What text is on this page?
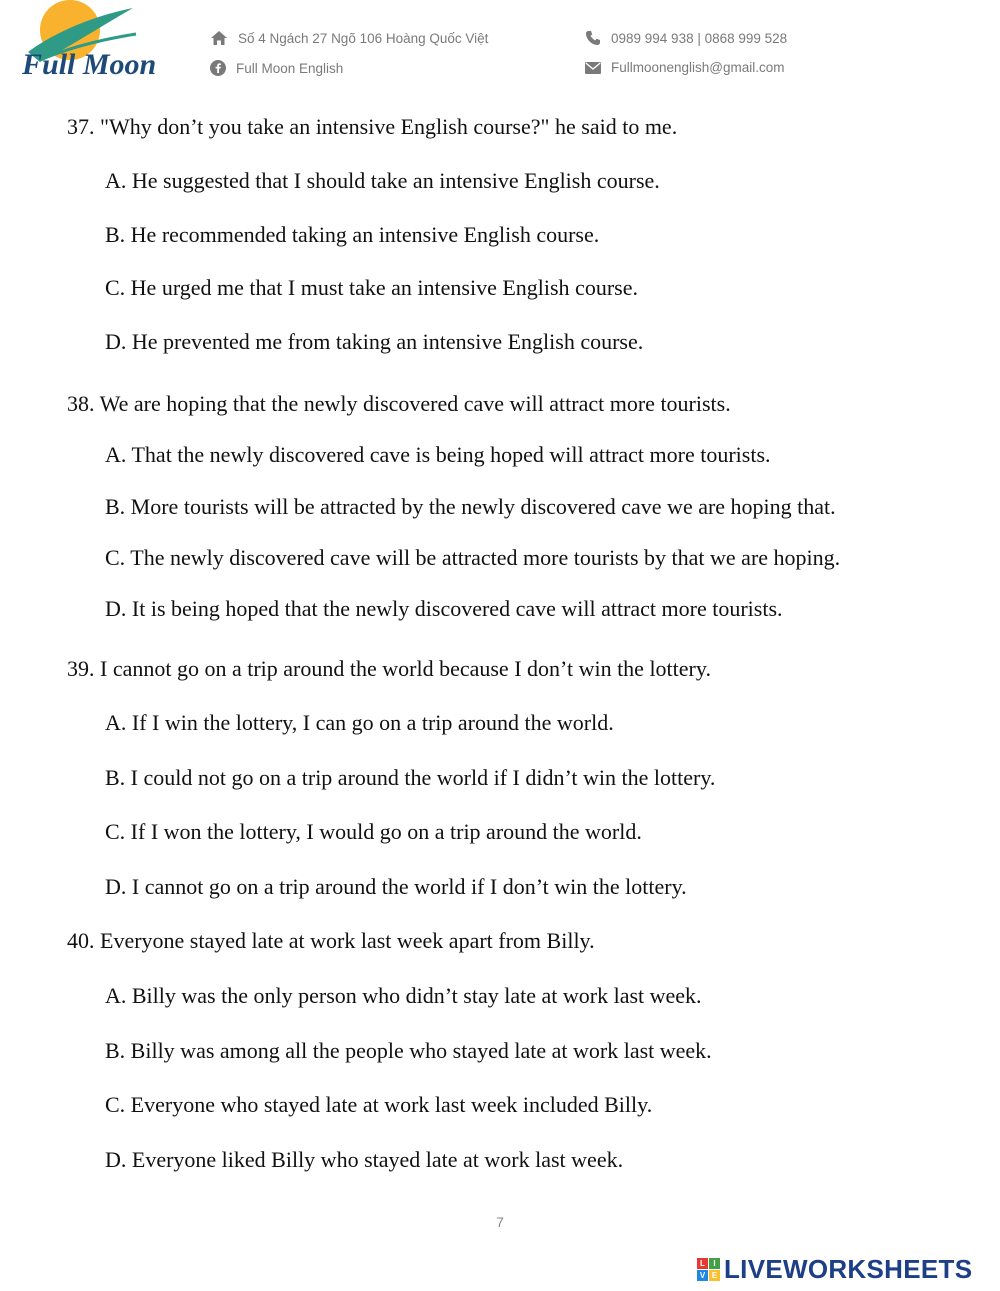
Full Moon
Số 4 Ngách 27 Ngõ 106 Hoàng Quốc Việt
Full Moon English
0989 994 938 | 0868 999 528
Fullmoonenglish@gmail.com
37. "Why don’t you take an intensive English course?" he said to me.
A. He suggested that I should take an intensive English course.
B. He recommended taking an intensive English course.
C. He urged me that I must take an intensive English course.
D. He prevented me from taking an intensive English course.
38. We are hoping that the newly discovered cave will attract more tourists.
A. That the newly discovered cave is being hoped will attract more tourists.
B. More tourists will be attracted by the newly discovered cave we are hoping that.
C. The newly discovered cave will be attracted more tourists by that we are hoping.
D. It is being hoped that the newly discovered cave will attract more tourists.
39. I cannot go on a trip around the world because I don’t win the lottery.
A. If I win the lottery, I can go on a trip around the world.
B. I could not go on a trip around the world if I didn’t win the lottery.
C. If I won the lottery, I would go on a trip around the world.
D. I cannot go on a trip around the world if I don’t win the lottery.
40. Everyone stayed late at work last week apart from Billy.
A. Billy was the only person who didn’t stay late at work last week.
B. Billy was among all the people who stayed late at work last week.
C. Everyone who stayed late at work last week included Billy.
D. Everyone liked Billy who stayed late at work last week.
7
L	I
V E LIVEWORKSHEETS
